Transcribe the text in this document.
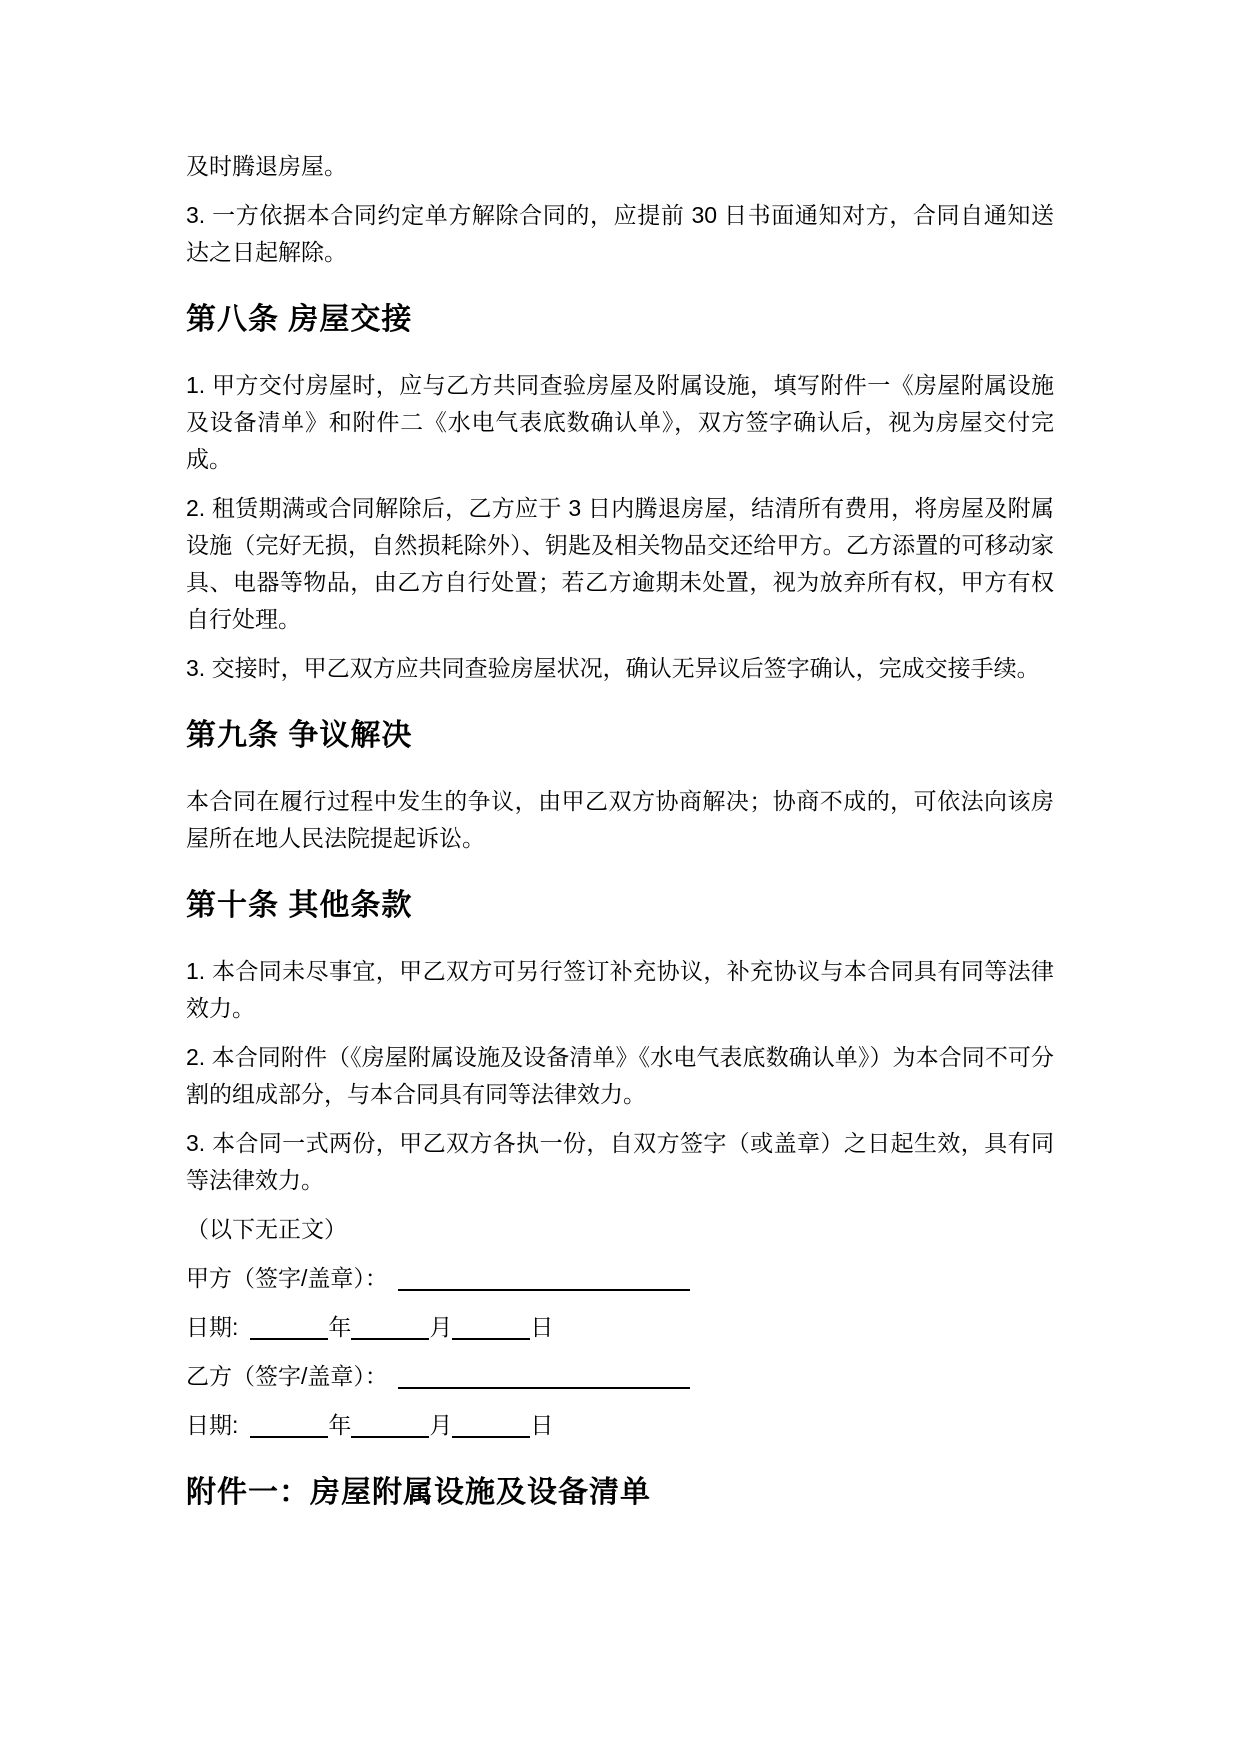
及时腾退房屋。

3. 一方依据本合同约定单方解除合同的，应提前 30 日书面通知对方，合同自通知送达之日起解除。

第八条 房屋交接

1. 甲方交付房屋时，应与乙方共同查验房屋及附属设施，填写附件一《房屋附属设施及设备清单》和附件二《水电气表底数确认单》，双方签字确认后，视为房屋交付完成。

2. 租赁期满或合同解除后，乙方应于 3 日内腾退房屋，结清所有费用，将房屋及附属设施（完好无损，自然损耗除外）、钥匙及相关物品交还给甲方。乙方添置的可移动家具、电器等物品，由乙方自行处置；若乙方逾期未处置，视为放弃所有权，甲方有权自行处理。

3. 交接时，甲乙双方应共同查验房屋状况，确认无异议后签字确认，完成交接手续。

第九条 争议解决

本合同在履行过程中发生的争议，由甲乙双方协商解决；协商不成的，可依法向该房屋所在地人民法院提起诉讼。

第十条 其他条款

1. 本合同未尽事宜，甲乙双方可另行签订补充协议，补充协议与本合同具有同等法律效力。

2. 本合同附件（《房屋附属设施及设备清单》《水电气表底数确认单》）为本合同不可分割的组成部分，与本合同具有同等法律效力。

3. 本合同一式两份，甲乙双方各执一份，自双方签字（或盖章）之日起生效，具有同等法律效力。

（以下无正文）

甲方（签字/盖章）：
日期:	年	月	日
乙方（签字/盖章）：
日期:	年	月	日
附件一：房屋附属设施及设备清单
